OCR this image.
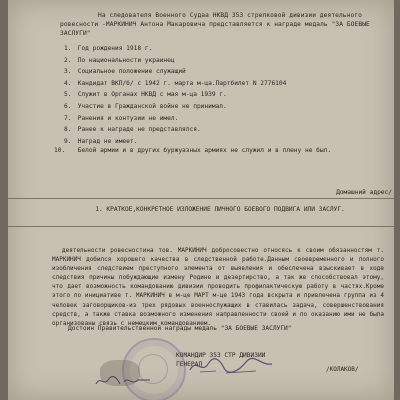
На следователя Военного Судаа НКВД 353 стрелковой дивизии деятельного ровесности -МАРКИНИЧ Антона Макаровича представляется к награде медаль "ЗА БОЕВЫЕ ЗАСЛУГИ"

1. Год рождения 1918 г.
2. По национальности украинец
3. Социальное положение служащий
4. Кандидат ВКП/б/ с 1942 г. марта м-ца.Партбилет N 2776104
5. Служит в Органах НКВД с мая м-ца 1939 г.
6. Участие в Гражданской войне не принимал.
7. Ранения и контузии не имел.
8. Ранее к награде не представлялся.
9. Наград не имеет.
10. Белой армии и в других буржуазных армиях не служил и в плену не был.
Домашний адрес/
1. КРАТКОЕ,КОНКРЕТНОЕ ИЗЛОЖЕНИЕ ЛИЧНОГО БОЕВОГО ПОДВИГА ИЛИ ЗАСЛУГ.

деятельности ровесностина тов. МАРКИНИЧ добросовестно относясь к своим обязанностям т. МАРКИНИЧ добился хорошего качества в следственной работе.Данным своевременного и полного изобличения следствием преступного элемента от выявления и обеспечена взыскивает в ходе следствия причины побуждающие измену Родине и дезертирство, а так же способствовал этому, что дает возможность командованию дивизии проводить профилактическую работу в частях.Кроме этого по инициативе т. МАРКИНИЧ в м-це МАРТ м-це 1943 года вскрыта и привлечена группа из 4 человек заговорщиков-из трех рядовых военнослужащих в ставилась задача, совершенствования средств, а также ставка возможного изменения направленности своей и по оказанию ими не была организованы связь с немецким командованием.

Достоин Правительственной награды медаль "ЗА БОЕВЫЕ ЗАСЛУГИ"
КОМАНДИР 353 СТР ДИВИЗИИ
ГЕНЕРАЛ
/КОЛАКОВ/
